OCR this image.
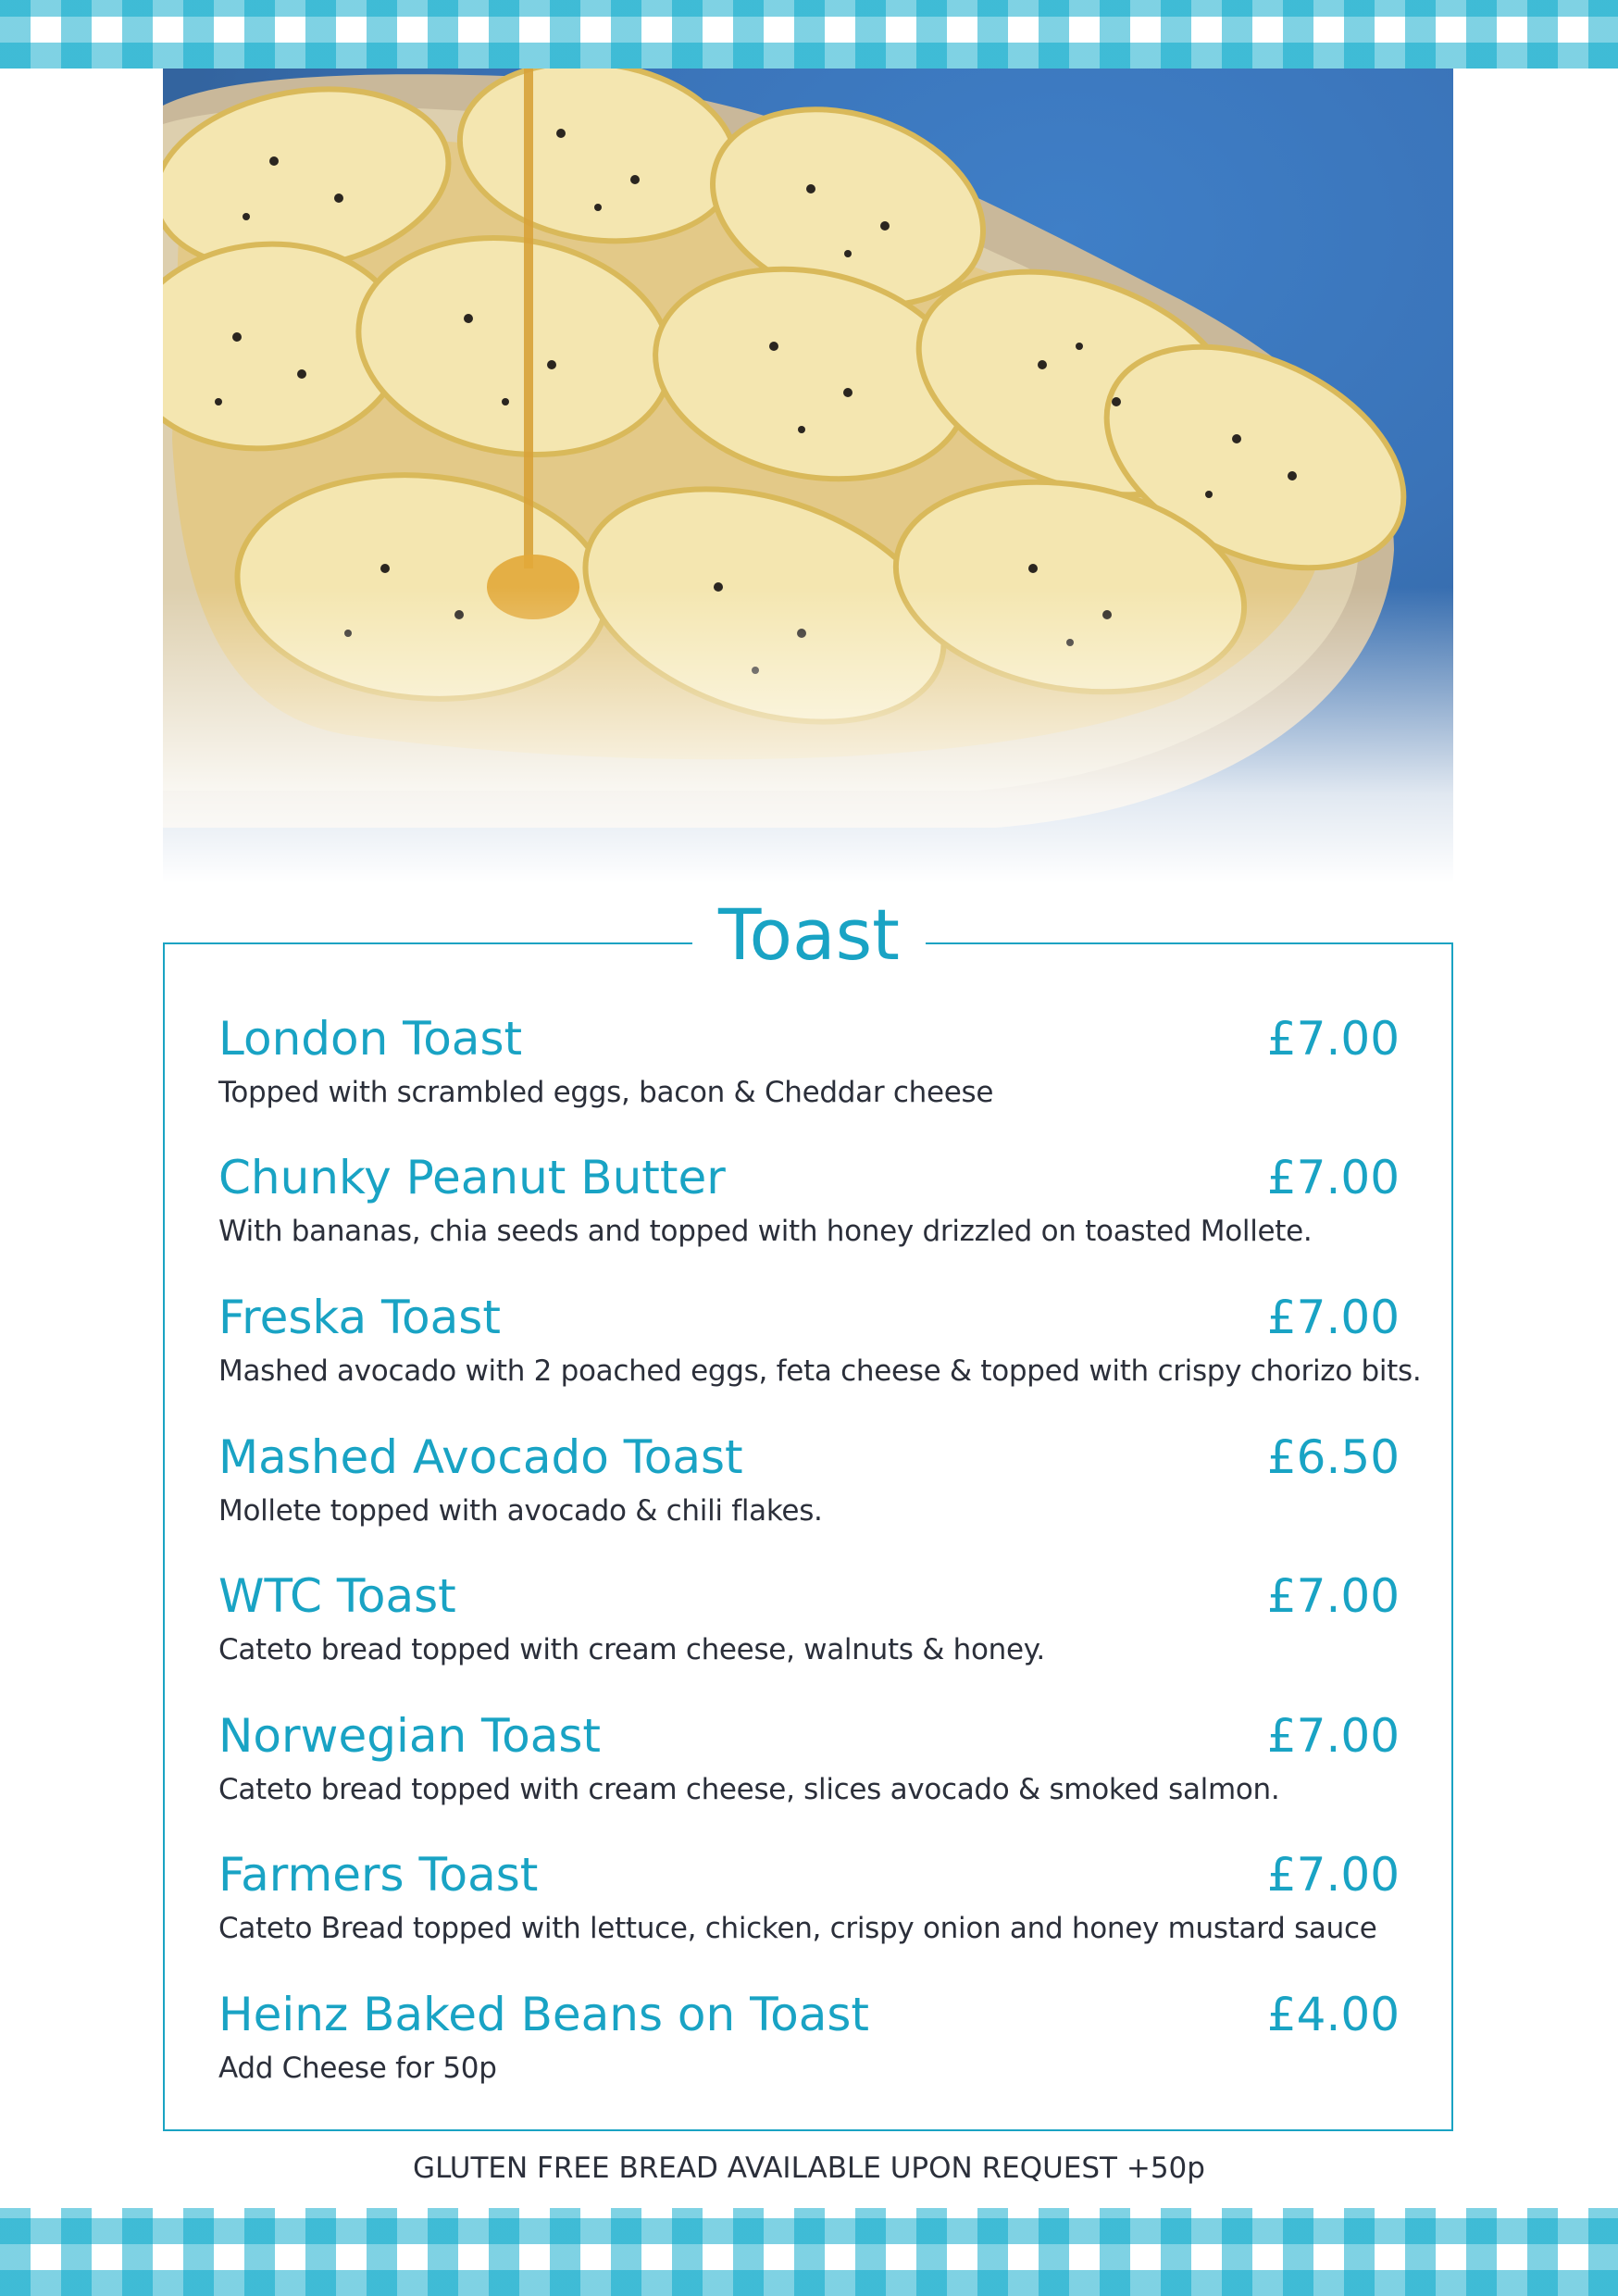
Toast
London Toast	£7.00
Topped with scrambled eggs, bacon & Cheddar cheese
Chunky Peanut Butter	£7.00
With bananas, chia seeds and topped with honey drizzled on toasted Mollete.
Freska Toast	£7.00
Mashed avocado with 2 poached eggs, feta cheese & topped with crispy chorizo bits.
Mashed Avocado Toast	£6.50
Mollete topped with avocado & chili flakes.
WTC Toast	£7.00
Cateto bread topped with cream cheese, walnuts & honey.
Norwegian Toast	£7.00
Cateto bread topped with cream cheese, slices avocado & smoked salmon.
Farmers Toast	£7.00
Cateto Bread topped with lettuce, chicken, crispy onion and honey mustard sauce
Heinz Baked Beans on Toast	£4.00
Add Cheese for 50p
GLUTEN FREE BREAD AVAILABLE UPON REQUEST +50p
